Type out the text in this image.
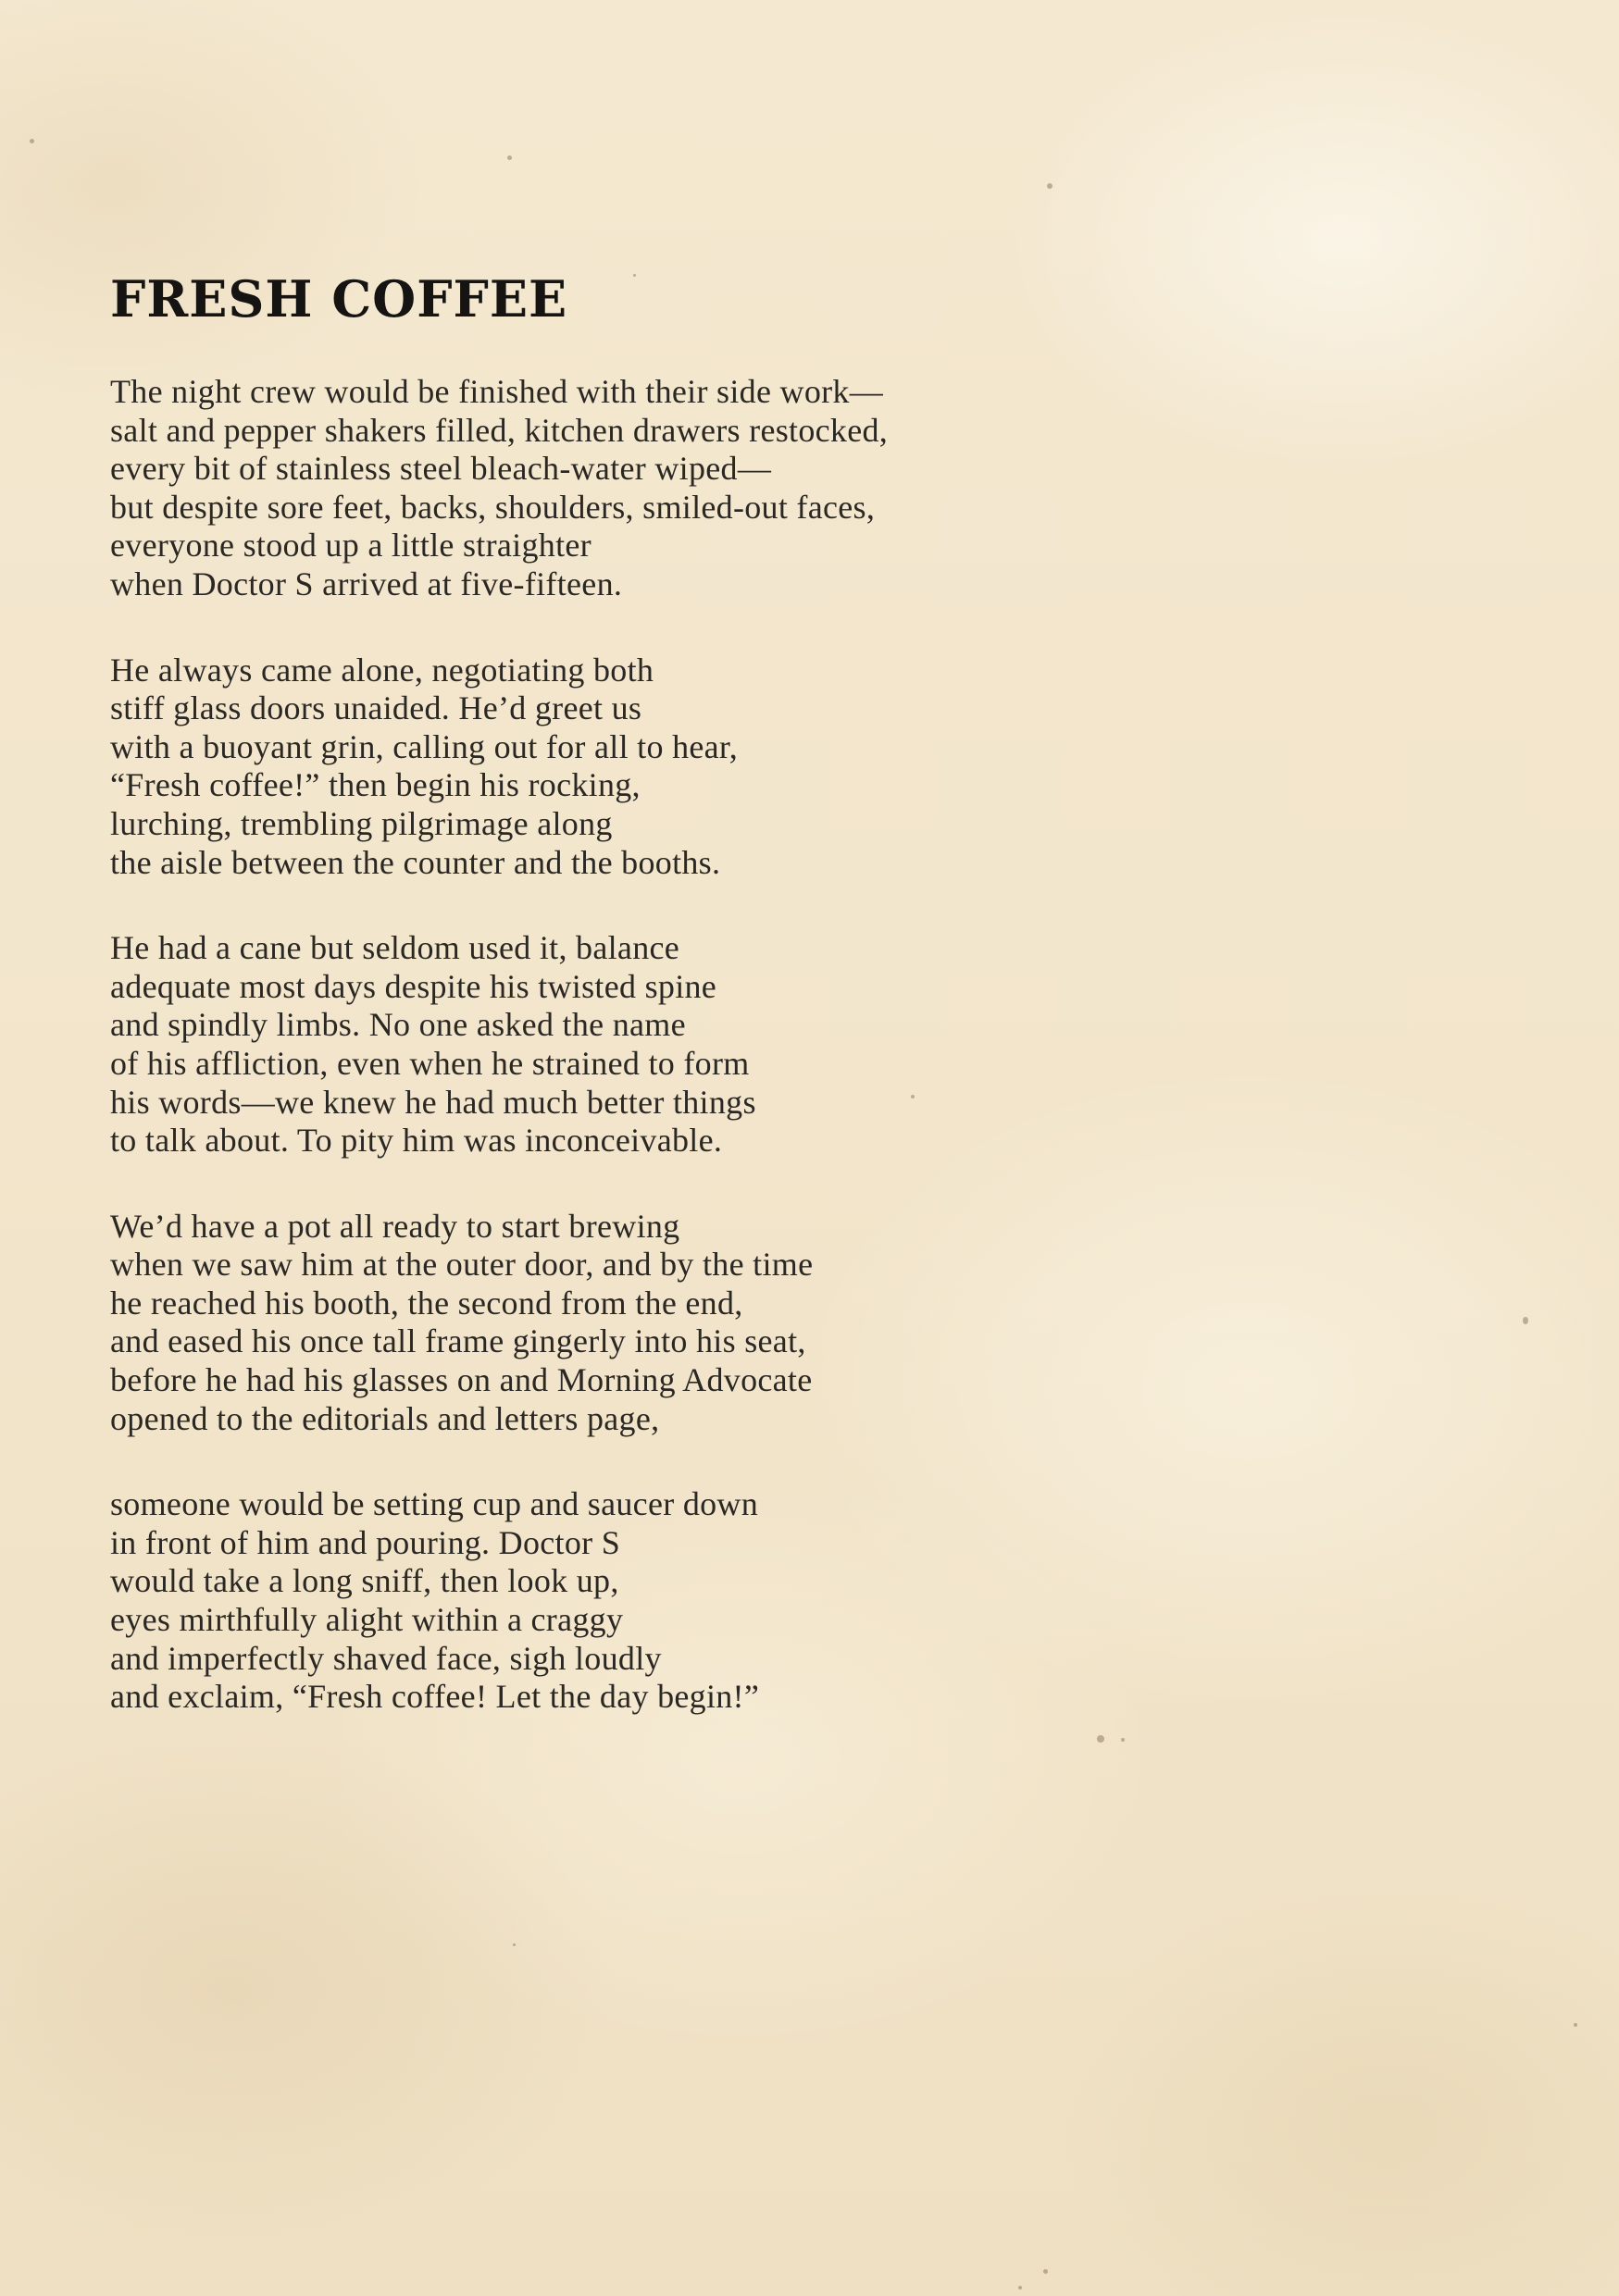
FRESH COFFEE
The night crew would be finished with their side work—
salt and pepper shakers filled, kitchen drawers restocked,
every bit of stainless steel bleach-water wiped—
but despite sore feet, backs, shoulders, smiled-out faces,
everyone stood up a little straighter
when Doctor S arrived at five-fifteen.
He always came alone, negotiating both
stiff glass doors unaided. He’d greet us
with a buoyant grin, calling out for all to hear,
“Fresh coffee!” then begin his rocking,
lurching, trembling pilgrimage along
the aisle between the counter and the booths.
He had a cane but seldom used it, balance
adequate most days despite his twisted spine
and spindly limbs. No one asked the name
of his affliction, even when he strained to form
his words—we knew he had much better things
to talk about. To pity him was inconceivable.
We’d have a pot all ready to start brewing
when we saw him at the outer door, and by the time
he reached his booth, the second from the end,
and eased his once tall frame gingerly into his seat,
before he had his glasses on and Morning Advocate
opened to the editorials and letters page,
someone would be setting cup and saucer down
in front of him and pouring. Doctor S
would take a long sniff, then look up,
eyes mirthfully alight within a craggy
and imperfectly shaved face, sigh loudly
and exclaim, “Fresh coffee! Let the day begin!”
